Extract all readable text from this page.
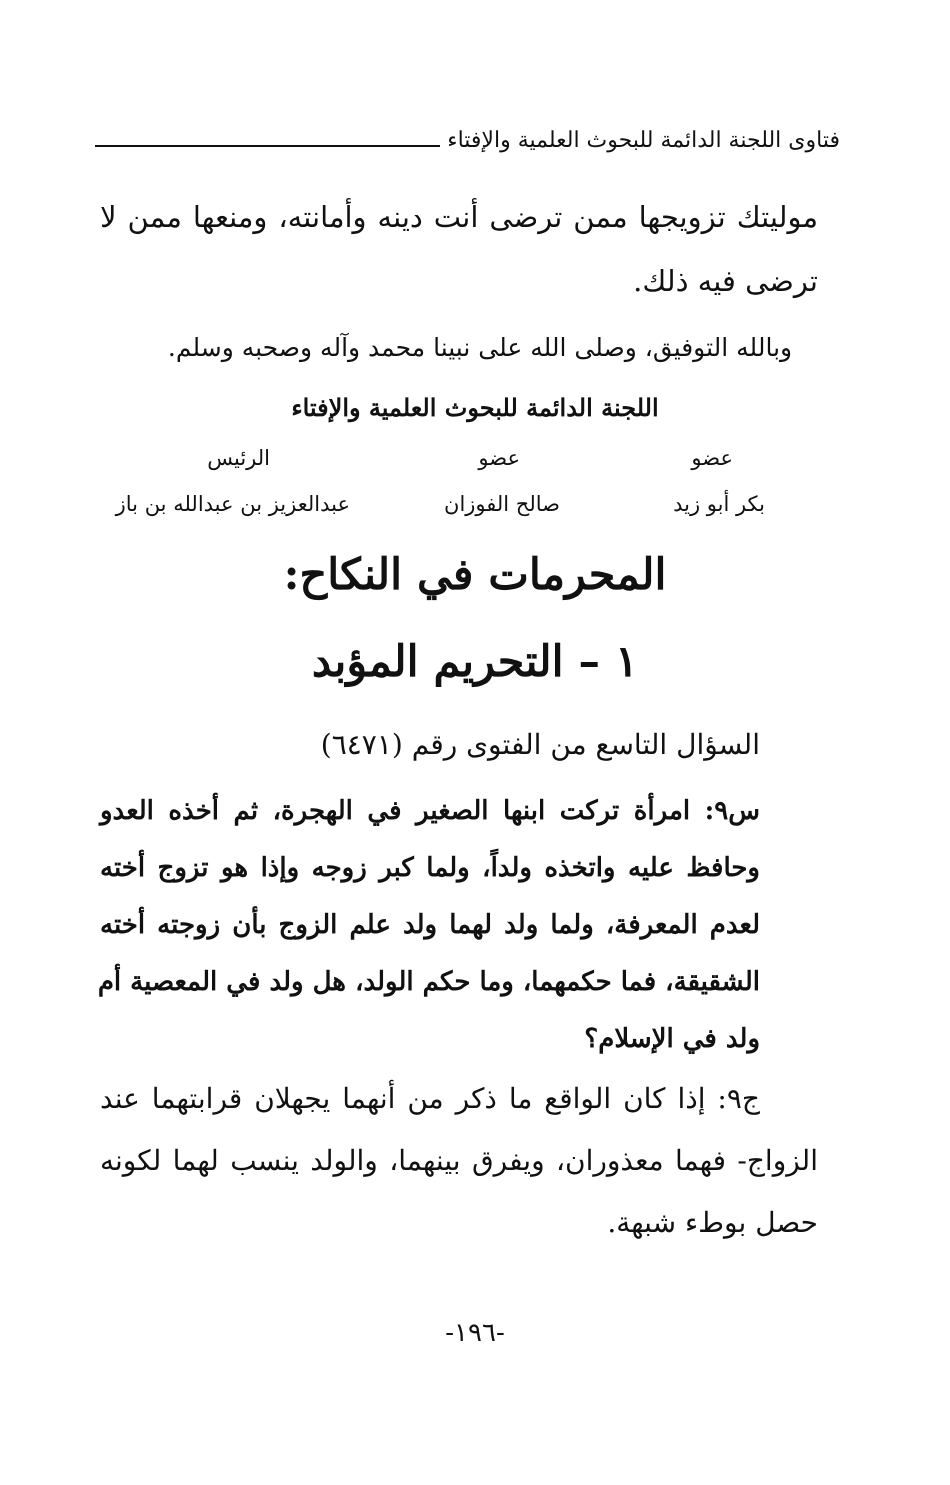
فتاوى اللجنة الدائمة للبحوث العلمية والإفتاء
موليتك تزويجها ممن ترضى أنت دينه وأمانته، ومنعها ممن لا
ترضى فيه ذلك.
وبالله التوفيق، وصلى الله على نبينا محمد وآله وصحبه وسلم.
اللجنة الدائمة للبحوث العلمية والإفتاء
عضو
عضو
الرئيس
بكر أبو زيد
صالح الفوزان
عبدالعزيز بن عبدالله بن باز
المحرمات في النكاح:
١ – التحريم المؤبد
السؤال التاسع من الفتوى رقم (٦٤٧١)
س٩: امرأة تركت ابنها الصغير في الهجرة، ثم أخذه العدو
وحافظ عليه واتخذه ولداً، ولما كبر زوجه وإذا هو تزوج أخته
لعدم المعرفة، ولما ولد لهما ولد علم الزوج بأن زوجته أخته
الشقيقة، فما حكمهما، وما حكم الولد، هل ولد في المعصية أم
ولد في الإسلام؟
ج٩: إذا كان الواقع ما ذكر من أنهما يجهلان قرابتهما عند
الزواج- فهما معذوران، ويفرق بينهما، والولد ينسب لهما لكونه
حصل بوطء شبهة.
-١٩٦-
